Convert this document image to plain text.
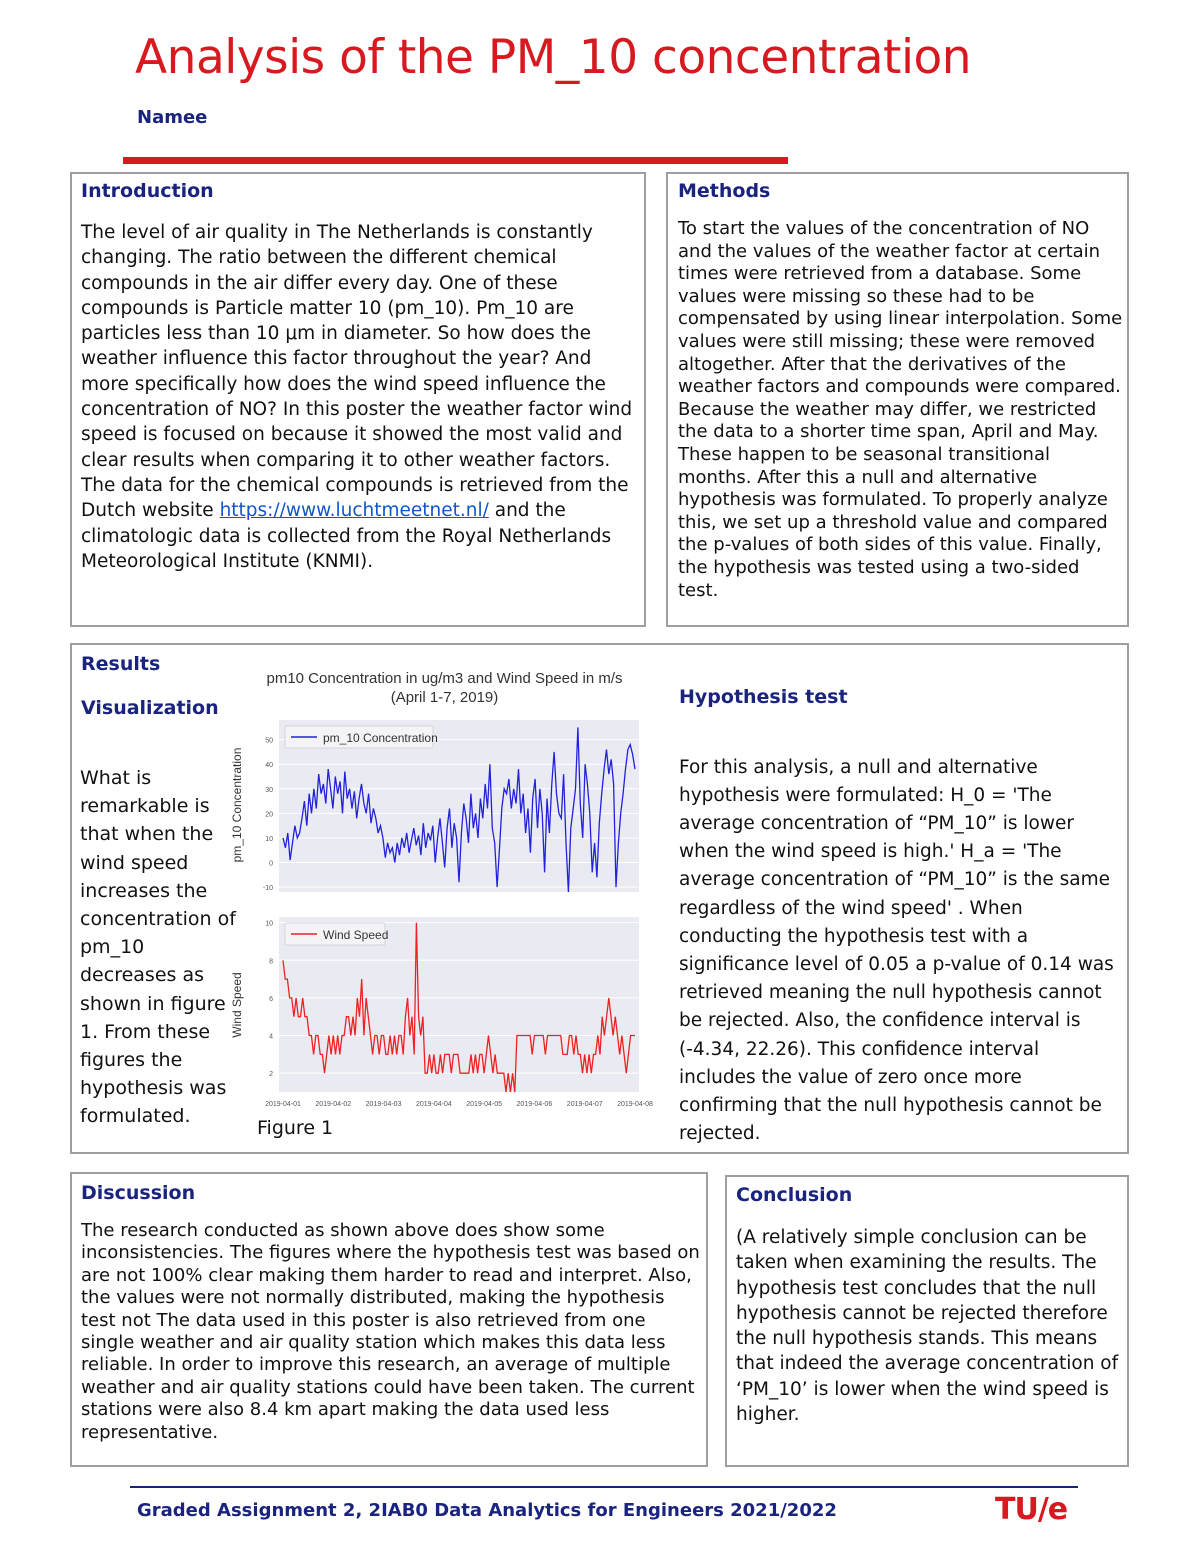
Analysis of the PM_10 concentration
Namee
Introduction

The level of air quality in The Netherlands is constantly changing. The ratio between the different chemical compounds in the air differ every day. One of these compounds is Particle matter 10 (pm_10). Pm_10 are particles less than 10 μm in diameter. So how does the weather influence this factor throughout the year? And more specifically how does the wind speed influence the concentration of NO? In this poster the weather factor wind speed is focused on because it showed the most valid and clear results when comparing it to other weather factors. The data for the chemical compounds is retrieved from the Dutch website https://www.luchtmeetnet.nl/ and the climatologic data is collected from the Royal Netherlands Meteorological Institute (KNMI).

Methods

To start the values of the concentration of NO and the values of the weather factor at certain times were retrieved from a database. Some values were missing so these had to be compensated by using linear interpolation. Some values were still missing; these were removed altogether. After that the derivatives of the weather factors and compounds were compared. Because the weather may differ, we restricted the data to a shorter time span, April and May. These happen to be seasonal transitional months. After this a null and alternative hypothesis was formulated. To properly analyze this, we set up a threshold value and compared the p-values of both sides of this value. Finally, the hypothesis was tested using a two-sided test.

Results
Visualization

What is remarkable is that when the wind speed increases the concentration of pm_10 decreases as shown in figure 1. From these figures the hypothesis was formulated.

pm10 Concentration in ug/m3 and Wind Speed in m/s
(April 1-7, 2019)
-10
0
10
20
30
40
50	pm_10 Concentration
pm_10 Concentration
2
4
6
8
10
Wind Speed
Wind Speed
2019-04-01 2019-04-02 2019-04-03 2019-04-04 2019-04-05 2019-04-06 2019-04-07 2019-04-08
Figure 1
Hypothesis test

For this analysis, a null and alternative hypothesis were formulated: H_0 = 'The average concentration of “PM_10” is lower when the wind speed is high.' H_a = 'The average concentration of “PM_10” is the same regardless of the wind speed' . When conducting the hypothesis test with a significance level of 0.05 a p-value of 0.14 was retrieved meaning the null hypothesis cannot be rejected. Also, the confidence interval is (-4.34, 22.26). This confidence interval includes the value of zero once more confirming that the null hypothesis cannot be rejected.

Discussion

The research conducted as shown above does show some inconsistencies. The figures where the hypothesis test was based on are not 100% clear making them harder to read and interpret. Also, the values were not normally distributed, making the hypothesis test not The data used in this poster is also retrieved from one single weather and air quality station which makes this data less reliable. In order to improve this research, an average of multiple weather and air quality stations could have been taken. The current stations were also 8.4 km apart making the data used less representative.

Conclusion

(A relatively simple conclusion can be taken when examining the results. The hypothesis test concludes that the null hypothesis cannot be rejected therefore the null hypothesis stands. This means that indeed the average concentration of ‘PM_10’ is lower when the wind speed is higher.

Graded Assignment 2, 2IAB0 Data Analytics for Engineers 2021/2022	TU/e
